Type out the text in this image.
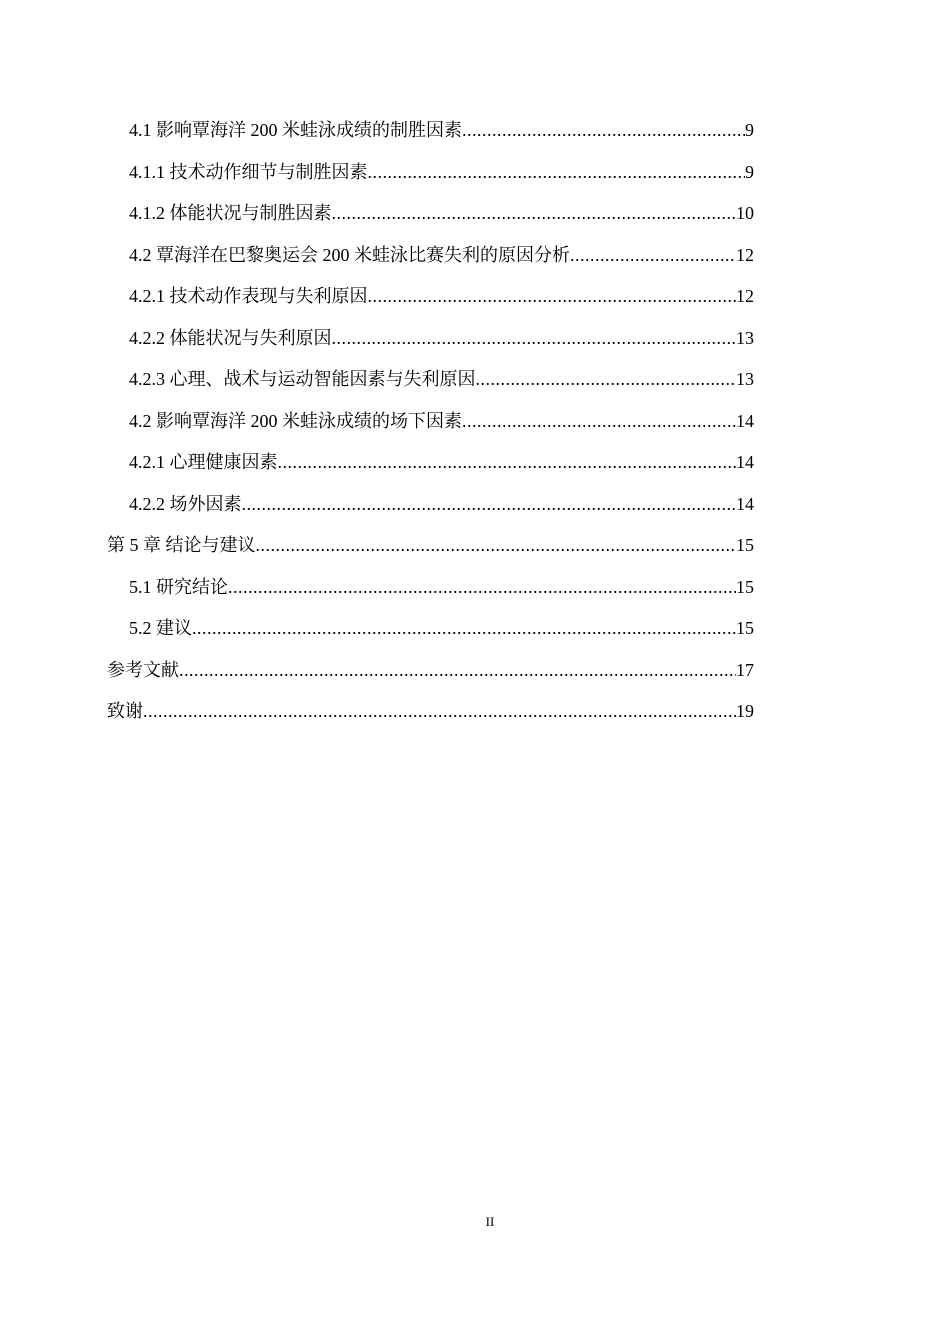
4.1 影响覃海洋 200 米蛙泳成绩的制胜因素 .....	9
4.1.1 技术动作细节与制胜因素 .....	9
4.1.2 体能状况与制胜因素 .....	10
4.2 覃海洋在巴黎奥运会 200 米蛙泳比赛失利的原因分析 .....	12
4.2.1 技术动作表现与失利原因 .....	12
4.2.2 体能状况与失利原因 .....	13
4.2.3 心理、战术与运动智能因素与失利原因 .....	13
4.2 影响覃海洋 200 米蛙泳成绩的场下因素 .....	14
4.2.1 心理健康因素 .....	14
4.2.2 场外因素 .....	14
第 5 章 结论与建议 .....	15
5.1 研究结论 .....	15
5.2 建议 .....	15
参考文献 .....	17
致谢 .....	19
II
